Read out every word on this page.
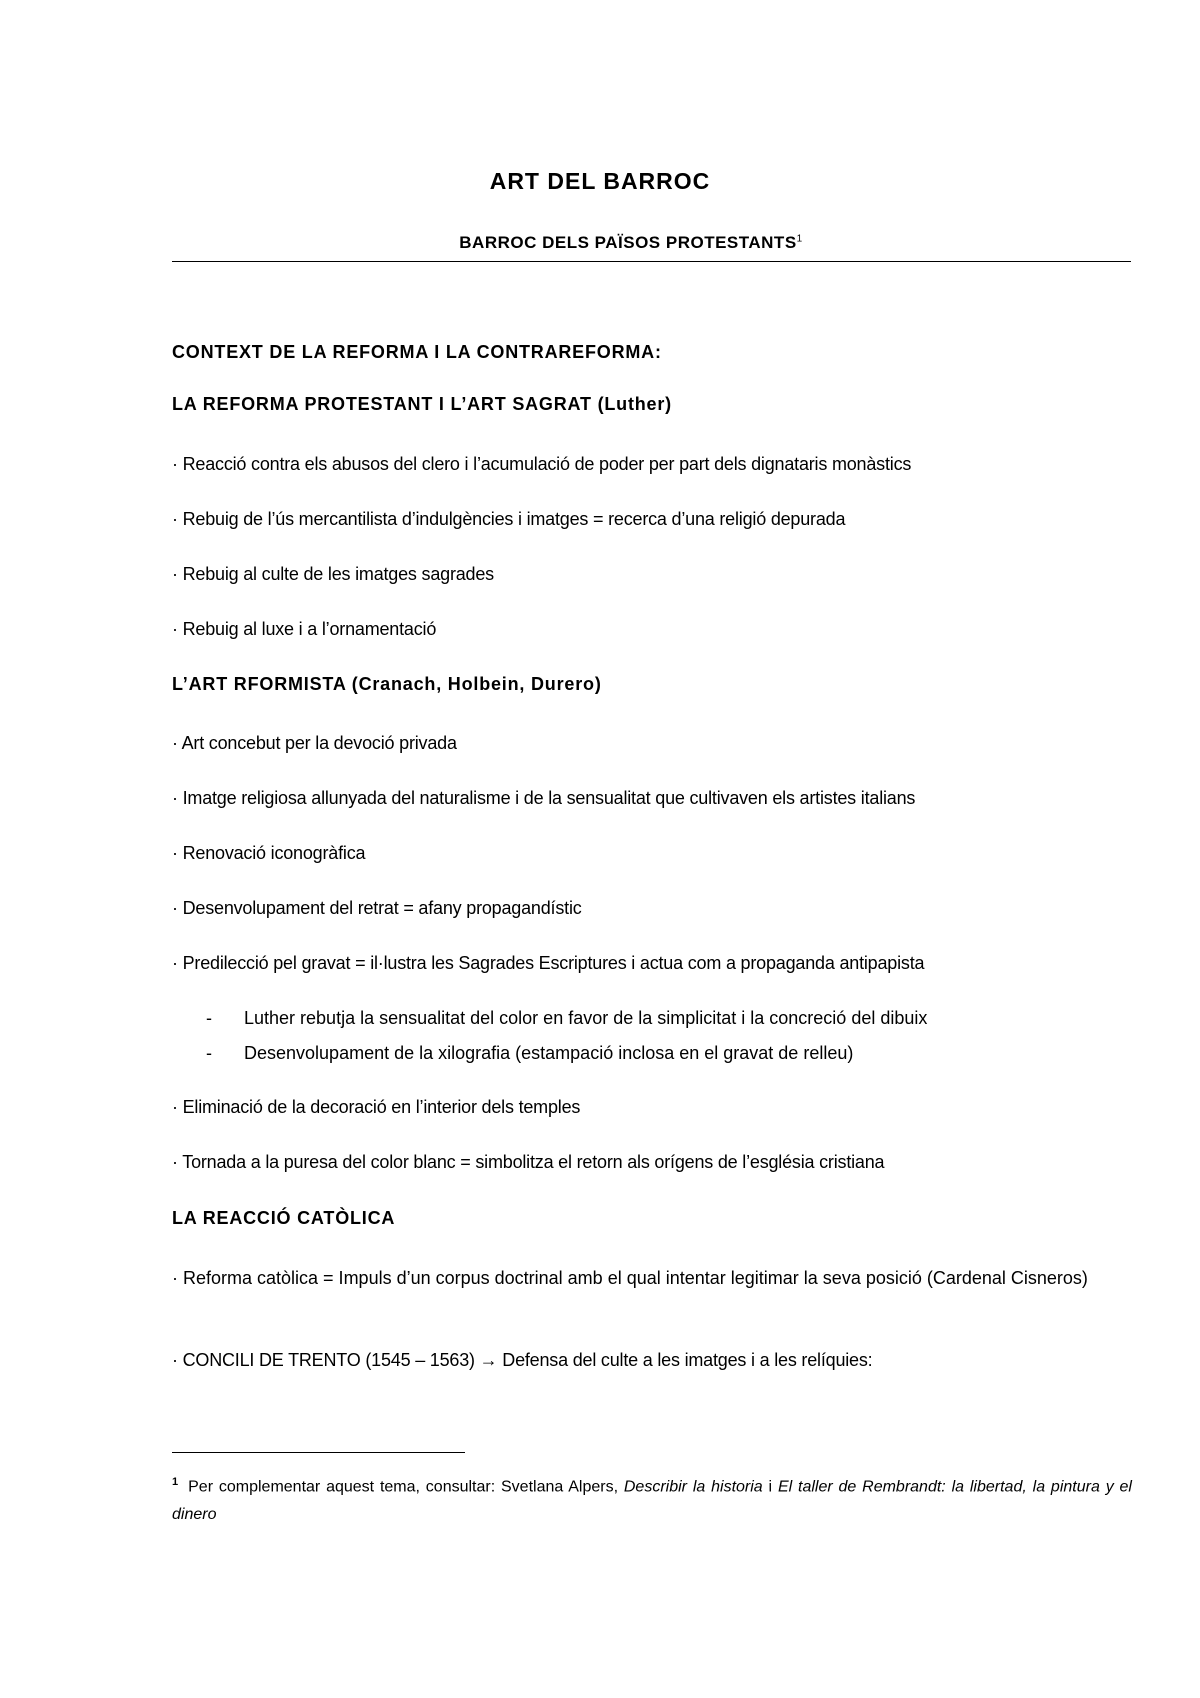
ART DEL BARROC
BARROC DELS PAÏSOS PROTESTANTS$^1$
CONTEXT DE LA REFORMA I LA CONTRAREFORMA:
LA REFORMA PROTESTANT I L’ART SAGRAT (Luther)
· Reacció contra els abusos del clero i l’acumulació de poder per part dels dignataris monàstics
· Rebuig de l’ús mercantilista d’indulgències i imatges = recerca d’una religió depurada
· Rebuig al culte de les imatges sagrades
· Rebuig al luxe i a l’ornamentació
L’ART RFORMISTA (Cranach, Holbein, Durero)
· Art concebut per la devoció privada
· Imatge religiosa allunyada del naturalisme i de la sensualitat que cultivaven els artistes italians
· Renovació iconogràfica
· Desenvolupament del retrat = afany propagandístic
· Predilecció pel gravat = il·lustra les Sagrades Escriptures i actua com a propaganda antipapista
- Luther rebutja la sensualitat del color en favor de la simplicitat i la concreció del dibuix
- Desenvolupament de la xilografia (estampació inclosa en el gravat de relleu)
· Eliminació de la decoració en l’interior dels temples
· Tornada a la puresa del color blanc = simbolitza el retorn als orígens de l’església cristiana
LA REACCIÓ CATÒLICA
· Reforma catòlica = Impuls d’un corpus doctrinal amb el qual intentar legitimar la seva posició (Cardenal Cisneros)
· CONCILI DE TRENTO (1545 – 1563) → Defensa del culte a les imatges i a les relíquies:
$^1$ Per complementar aquest tema, consultar: Svetlana Alpers, Describir la historia i El taller de Rembrandt: la libertad, la pintura y el dinero
